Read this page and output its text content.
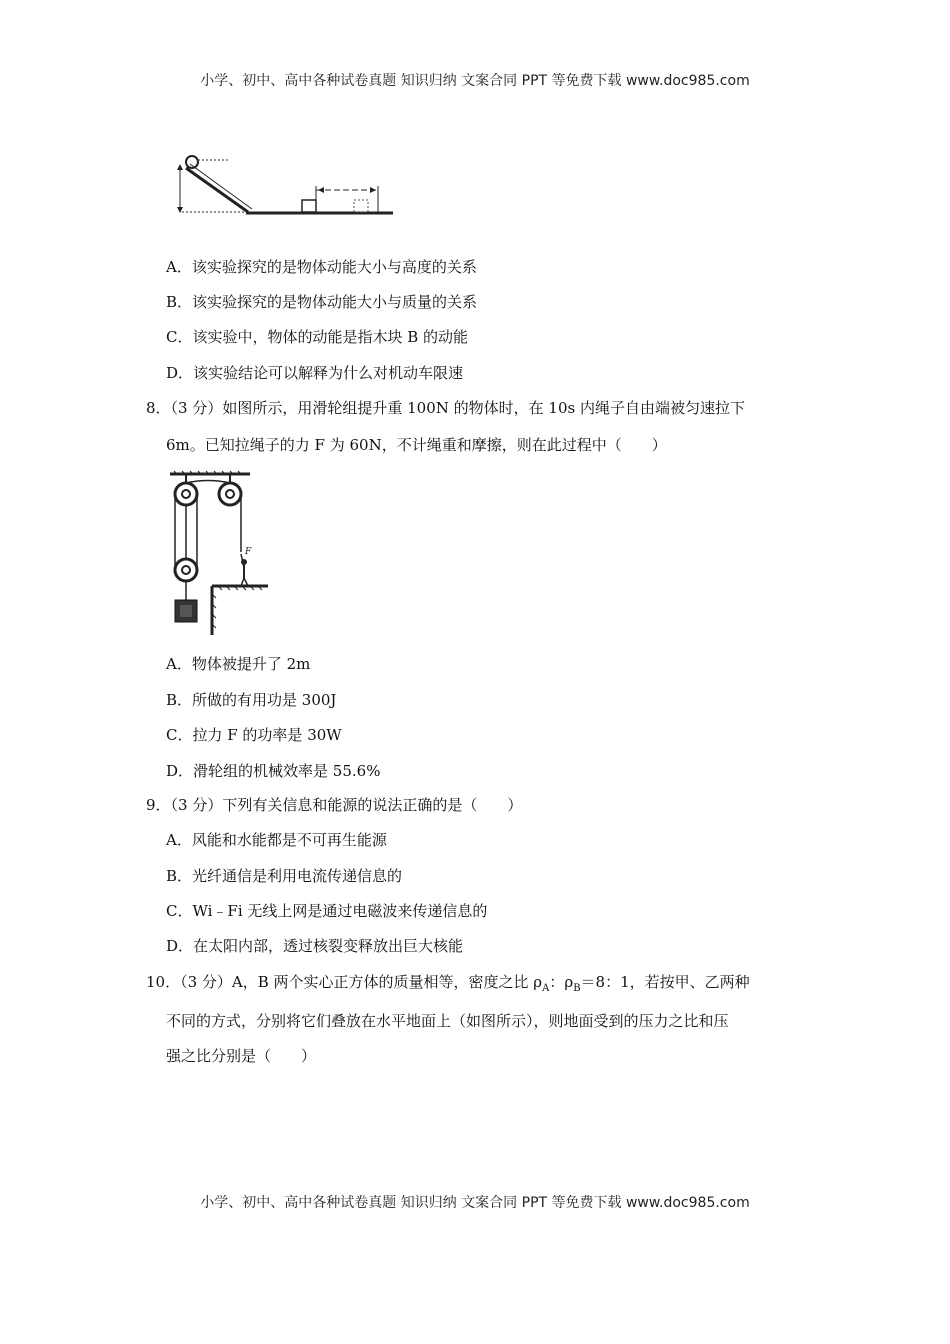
小学、初中、高中各种试卷真题 知识归纳 文案合同 PPT 等免费下载 www.doc985.com
A．该实验探究的是物体动能大小与高度的关系
B．该实验探究的是物体动能大小与质量的关系
C．该实验中，物体的动能是指木块 B 的动能
D．该实验结论可以解释为什么对机动车限速
8．（3 分）如图所示，用滑轮组提升重 100N 的物体时，在 10s 内绳子自由端被匀速拉下
6m。已知拉绳子的力 F 为 60N，不计绳重和摩擦，则在此过程中（　　）
F
A．物体被提升了 2m
B．所做的有用功是 300J
C．拉力 F 的功率是 30W
D．滑轮组的机械效率是 55.6%
9．（3 分）下列有关信息和能源的说法正确的是（　　）
A．风能和水能都是不可再生能源
B．光纤通信是利用电流传递信息的
C．Wi﹣Fi 无线上网是通过电磁波来传递信息的
D．在太阳内部，透过核裂变释放出巨大核能
10．（3 分）A，B 两个实心正方体的质量相等，密度之比 $\rho_A$：$\rho_B=8$：1，若按甲、乙两种
不同的方式，分别将它们叠放在水平地面上（如图所示），则地面受到的压力之比和压
强之比分别是（　　）
小学、初中、高中各种试卷真题 知识归纳 文案合同 PPT 等免费下载 www.doc985.com
